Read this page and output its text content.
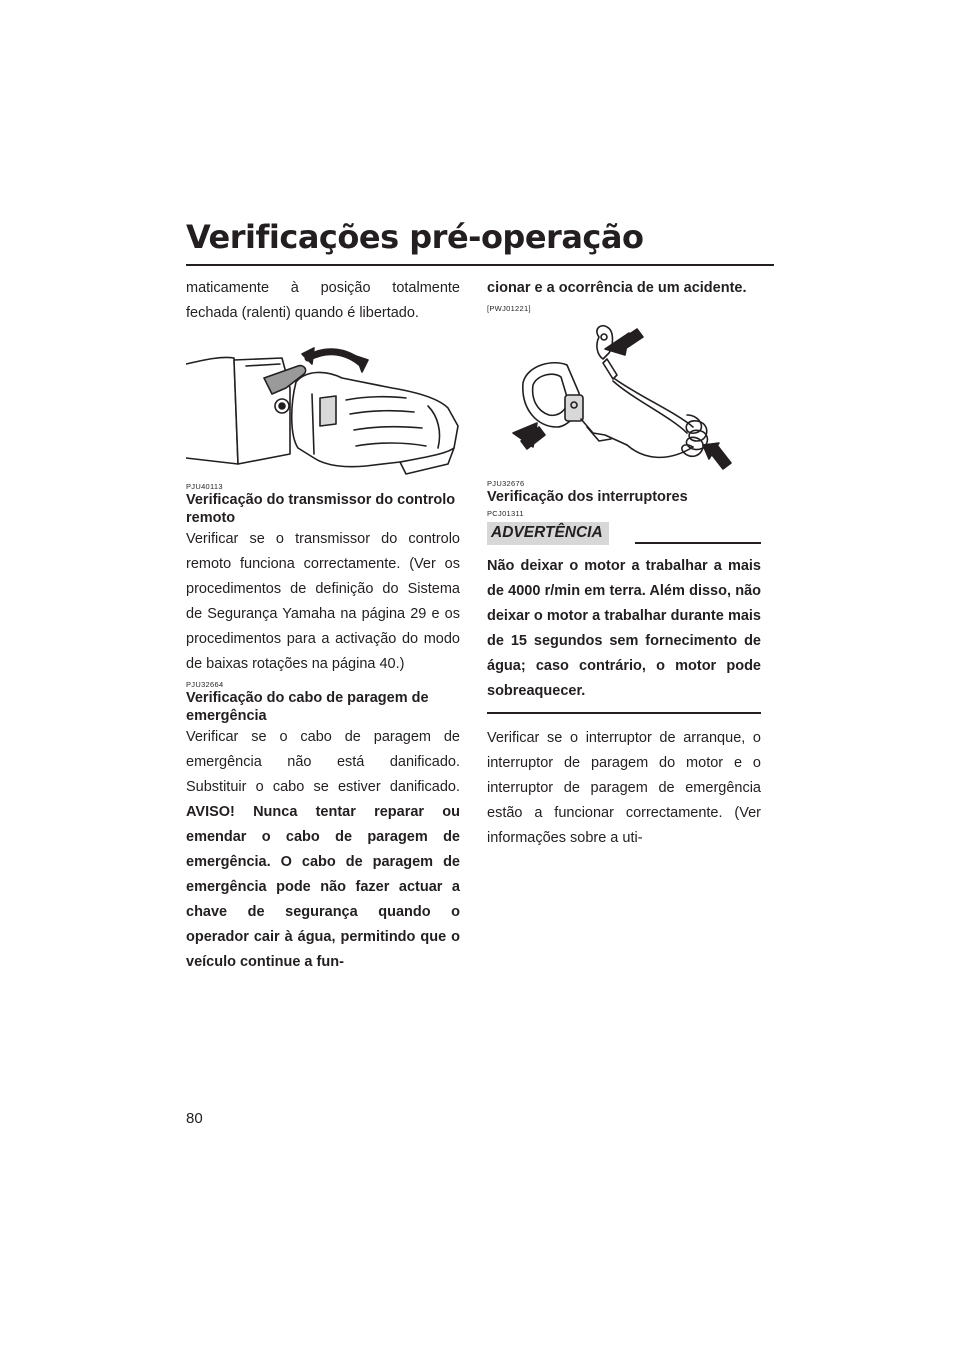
Verificações pré-operação

maticamente à posição totalmente fechada (ralenti) quando é libertado.

PJU40113
Verificação do transmissor do controlo remoto

Verificar se o transmissor do controlo remoto funciona correctamente. (Ver os procedimentos de definição do Sistema de Segurança Yamaha na página 29 e os procedimentos para a activação do modo de baixas rotações na página 40.)

PJU32664
Verificação do cabo de paragem de emergência

Verificar se o cabo de paragem de emergência não está danificado. Substituir o cabo se estiver danificado. AVISO! Nunca tentar reparar ou emendar o cabo de paragem de emergência. O cabo de paragem de emergência pode não fazer actuar a chave de segurança quando o operador cair à água, permitindo que o veículo continue a fun-

cionar e a ocorrência de um acidente.

[PWJ01221]
PJU32676
Verificação dos interruptores
PCJ01311
ADVERTÊNCIA

Não deixar o motor a trabalhar a mais de 4000 r/min em terra. Além disso, não deixar o motor a trabalhar durante mais de 15 segundos sem fornecimento de água; caso contrário, o motor pode sobreaquecer.

Verificar se o interruptor de arranque, o interruptor de paragem do motor e o interruptor de paragem de emergência estão a funcionar correctamente. (Ver informações sobre a uti-

80
